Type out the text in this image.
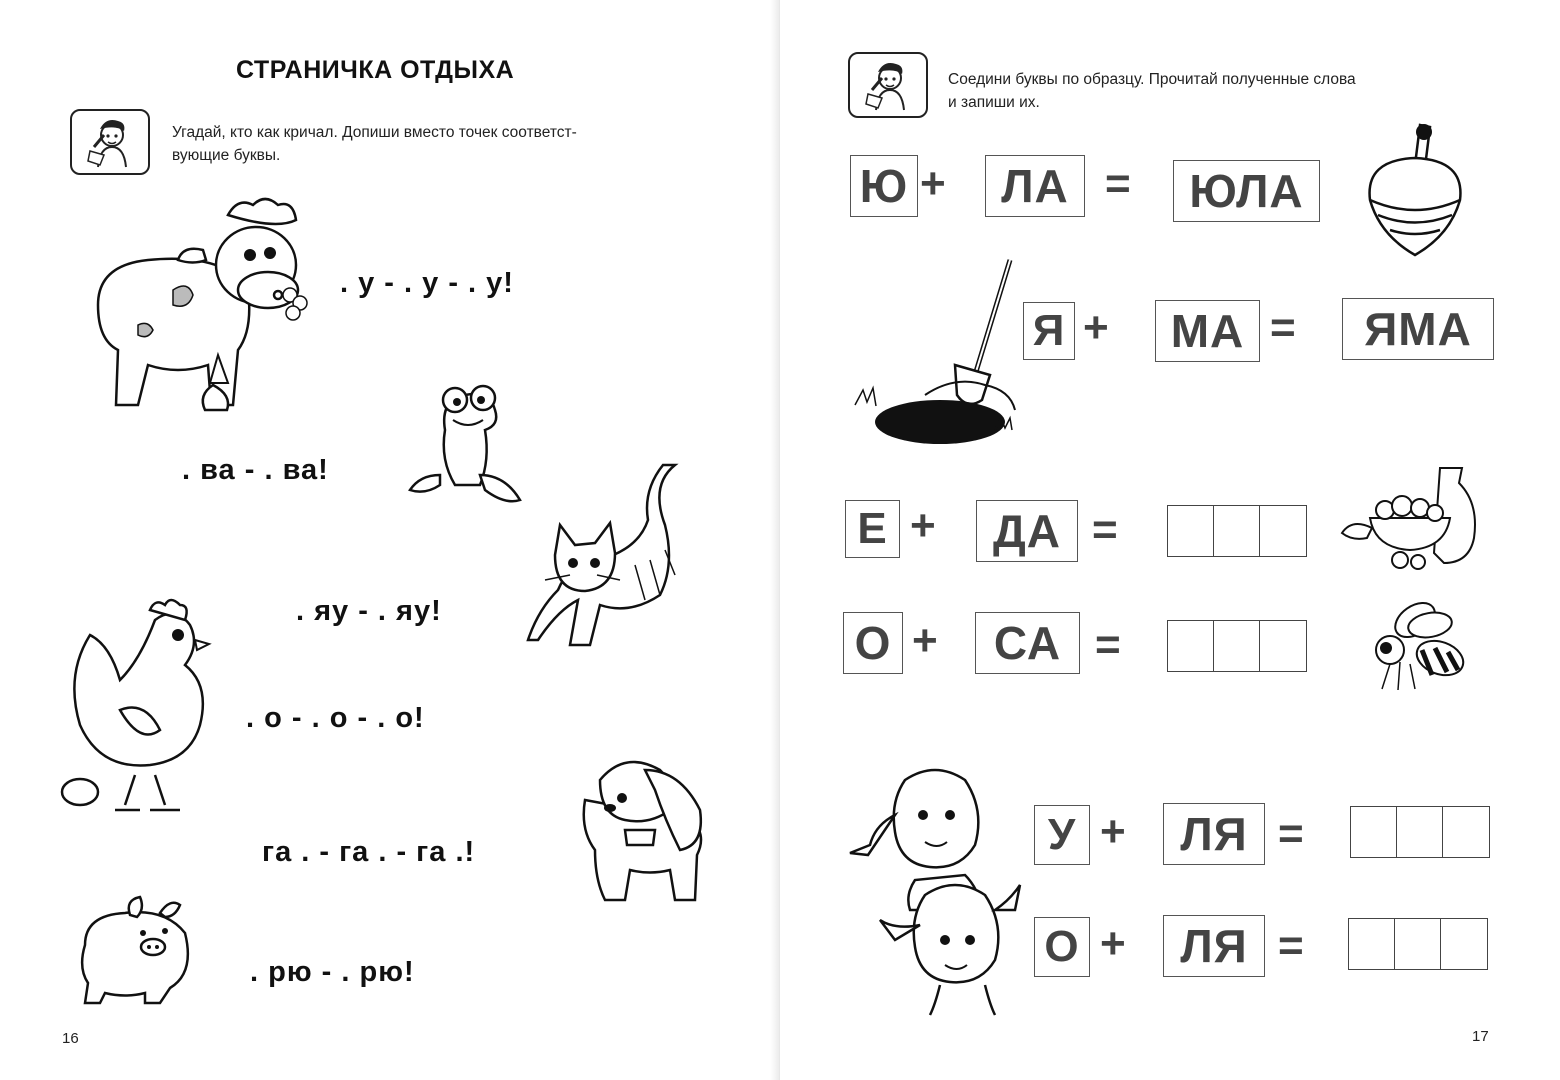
СТРАНИЧКА ОТДЫХА
Угадай, кто как кричал. Допиши вместо точек соответст-
вующие буквы.
. у - . у - . у!
. ва - . ва!
. яу - . яу!
. о - . о - . о!
га . - га . - га .!
. рю - . рю!
16
Соедини буквы по образцу. Прочитай полученные слова
и запиши их.
Ю +	ЛА =	ЮЛА
Я +	МА =	ЯМА
Е +	ДА =
О +	СА =
У +	ЛЯ =
О +	ЛЯ =
17
